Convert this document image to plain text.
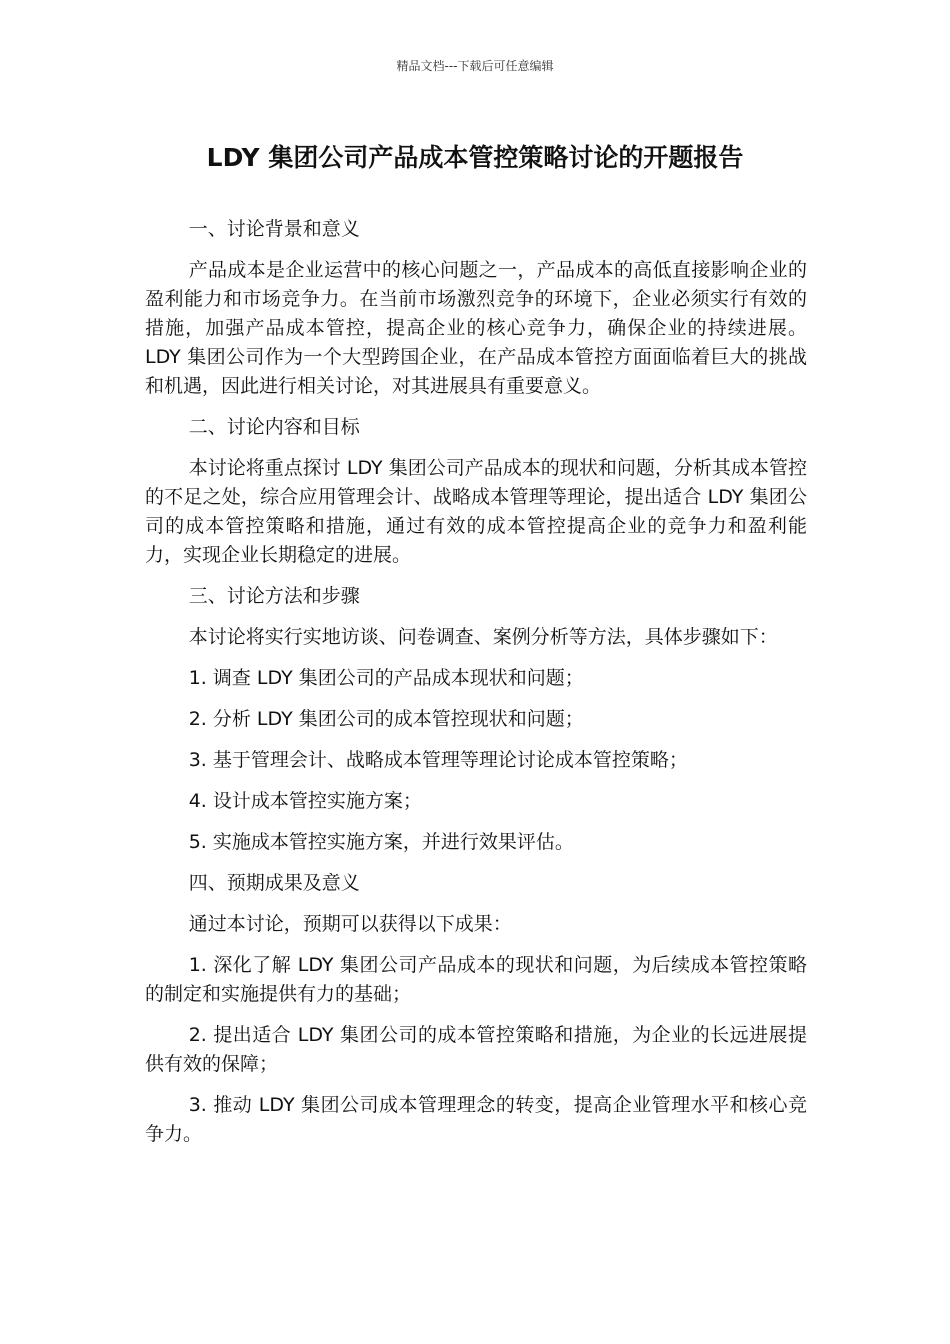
精品文档---下载后可任意编辑
LDY 集团公司产品成本管控策略讨论的开题报告

一、讨论背景和意义

产品成本是企业运营中的核心问题之一，产品成本的高低直接影响企业的盈利能力和市场竞争力。在当前市场激烈竞争的环境下，企业必须实行有效的措施，加强产品成本管控，提高企业的核心竞争力，确保企业的持续进展。LDY 集团公司作为一个大型跨国企业，在产品成本管控方面面临着巨大的挑战和机遇，因此进行相关讨论，对其进展具有重要意义。

二、讨论内容和目标

本讨论将重点探讨 LDY 集团公司产品成本的现状和问题，分析其成本管控的不足之处，综合应用管理会计、战略成本管理等理论，提出适合 LDY 集团公司的成本管控策略和措施，通过有效的成本管控提高企业的竞争力和盈利能力，实现企业长期稳定的进展。

三、讨论方法和步骤

本讨论将实行实地访谈、问卷调查、案例分析等方法，具体步骤如下：

1. 调查 LDY 集团公司的产品成本现状和问题；

2. 分析 LDY 集团公司的成本管控现状和问题；

3. 基于管理会计、战略成本管理等理论讨论成本管控策略；

4. 设计成本管控实施方案；

5. 实施成本管控实施方案，并进行效果评估。

四、预期成果及意义

通过本讨论，预期可以获得以下成果：

1. 深化了解 LDY 集团公司产品成本的现状和问题，为后续成本管控策略的制定和实施提供有力的基础；

2. 提出适合 LDY 集团公司的成本管控策略和措施，为企业的长远进展提供有效的保障；

3. 推动 LDY 集团公司成本管理理念的转变，提高企业管理水平和核心竞争力。
